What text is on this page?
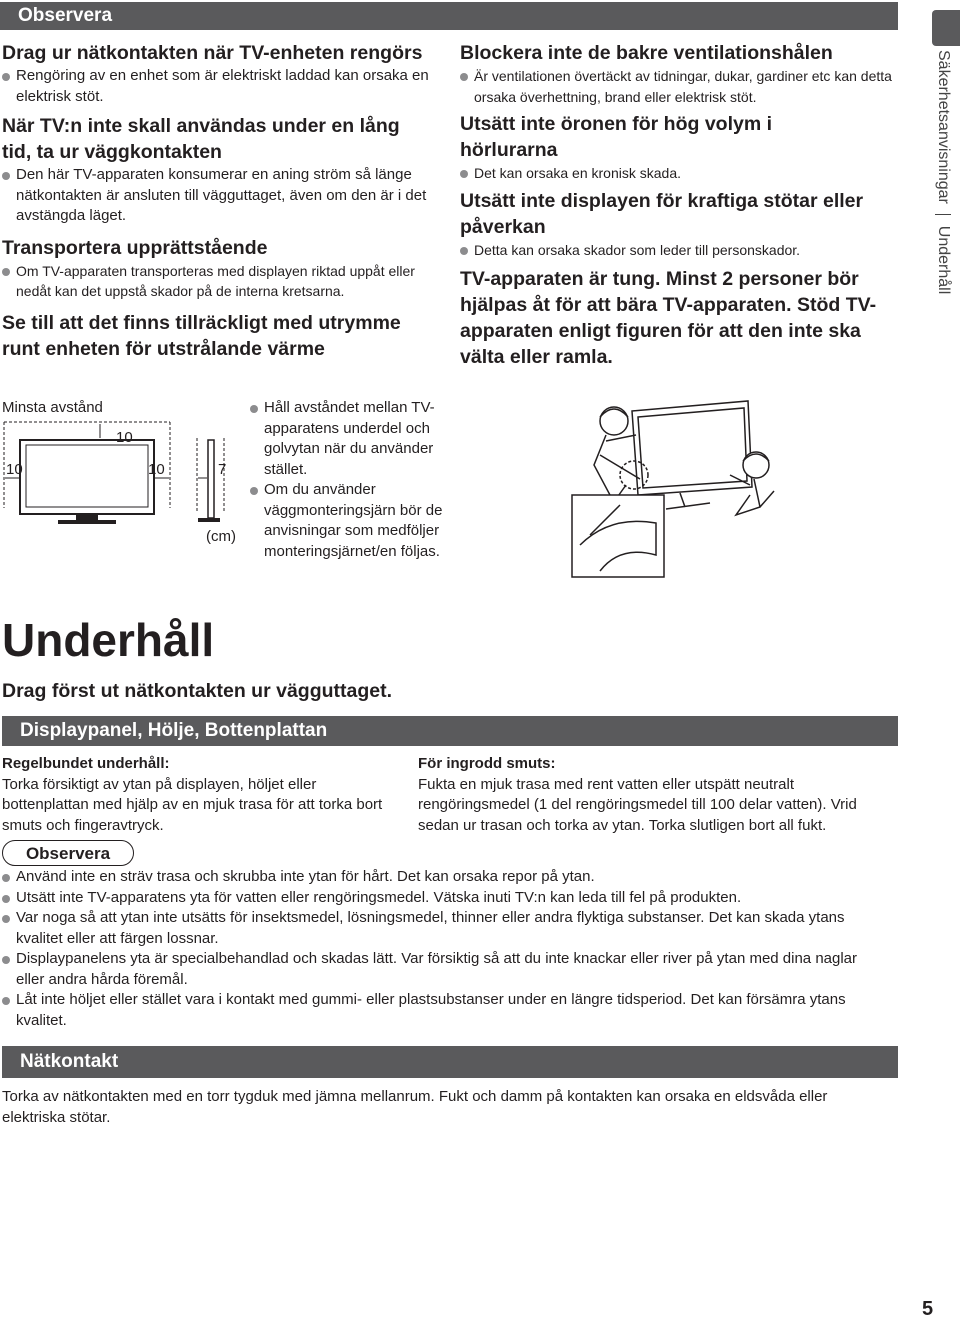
Observera
Drag ur nätkontakten när TV-enheten rengörs
Rengöring av en enhet som är elektriskt laddad kan orsaka en elektrisk stöt.
När TV:n inte skall användas under en lång tid, ta ur väggkontakten
Den här TV-apparaten konsumerar en aning ström så länge nätkontakten är ansluten till vägguttaget, även om den är i det avstängda läget.
Transportera upprättstående
Om TV-apparaten transporteras med displayen riktad uppåt eller nedåt kan det uppstå skador på de interna kretsarna.
Se till att det finns tillräckligt med utrymme runt enheten för utstrålande värme
Minsta avstånd
10
10	10	7
(cm)
Håll avståndet mellan TV-apparatens underdel och golvytan när du använder stället.
Om du använder väggmonteringsjärn bör de anvisningar som medföljer monteringsjärnet/en följas.
Blockera inte de bakre ventilationshålen
Är ventilationen övertäckt av tidningar, dukar, gardiner etc kan detta orsaka överhettning, brand eller elektrisk stöt.
Utsätt inte öronen för hög volym i hörlurarna
Det kan orsaka en kronisk skada.
Utsätt inte displayen för kraftiga stötar eller påverkan
Detta kan orsaka skador som leder till personskador.
TV-apparaten är tung. Minst 2 personer bör hjälpas åt för att bära TV-apparaten. Stöd TV-apparaten enligt figuren för att den inte ska välta eller ramla.
Säkerhetsanvisningar  Underhåll
Underhåll
Drag först ut nätkontakten ur vägguttaget.
Displaypanel, Hölje, Bottenplattan
Regelbundet underhåll:
Torka försiktigt av ytan på displayen, höljet eller bottenplattan med hjälp av en mjuk trasa för att torka bort smuts och fingeravtryck.
För ingrodd smuts:
Fukta en mjuk trasa med rent vatten eller utspätt neutralt rengöringsmedel (1 del rengöringsmedel till 100 delar vatten). Vrid sedan ur trasan och torka av ytan. Torka slutligen bort all fukt.
Observera
Använd inte en sträv trasa och skrubba inte ytan för hårt. Det kan orsaka repor på ytan.
Utsätt inte TV-apparatens yta för vatten eller rengöringsmedel. Vätska inuti TV:n kan leda till fel på produkten.
Var noga så att ytan inte utsätts för insektsmedel, lösningsmedel, thinner eller andra flyktiga substanser. Det kan skada ytans kvalitet eller att färgen lossnar.
Displaypanelens yta är specialbehandlad och skadas lätt. Var försiktig så att du inte knackar eller river på ytan med dina naglar eller andra hårda föremål.
Låt inte höljet eller stället vara i kontakt med gummi- eller plastsubstanser under en längre tidsperiod. Det kan försämra ytans kvalitet.
Nätkontakt
Torka av nätkontakten med en torr tygduk med jämna mellanrum. Fukt och damm på kontakten kan orsaka en eldsvåda eller elektriska stötar.
5
